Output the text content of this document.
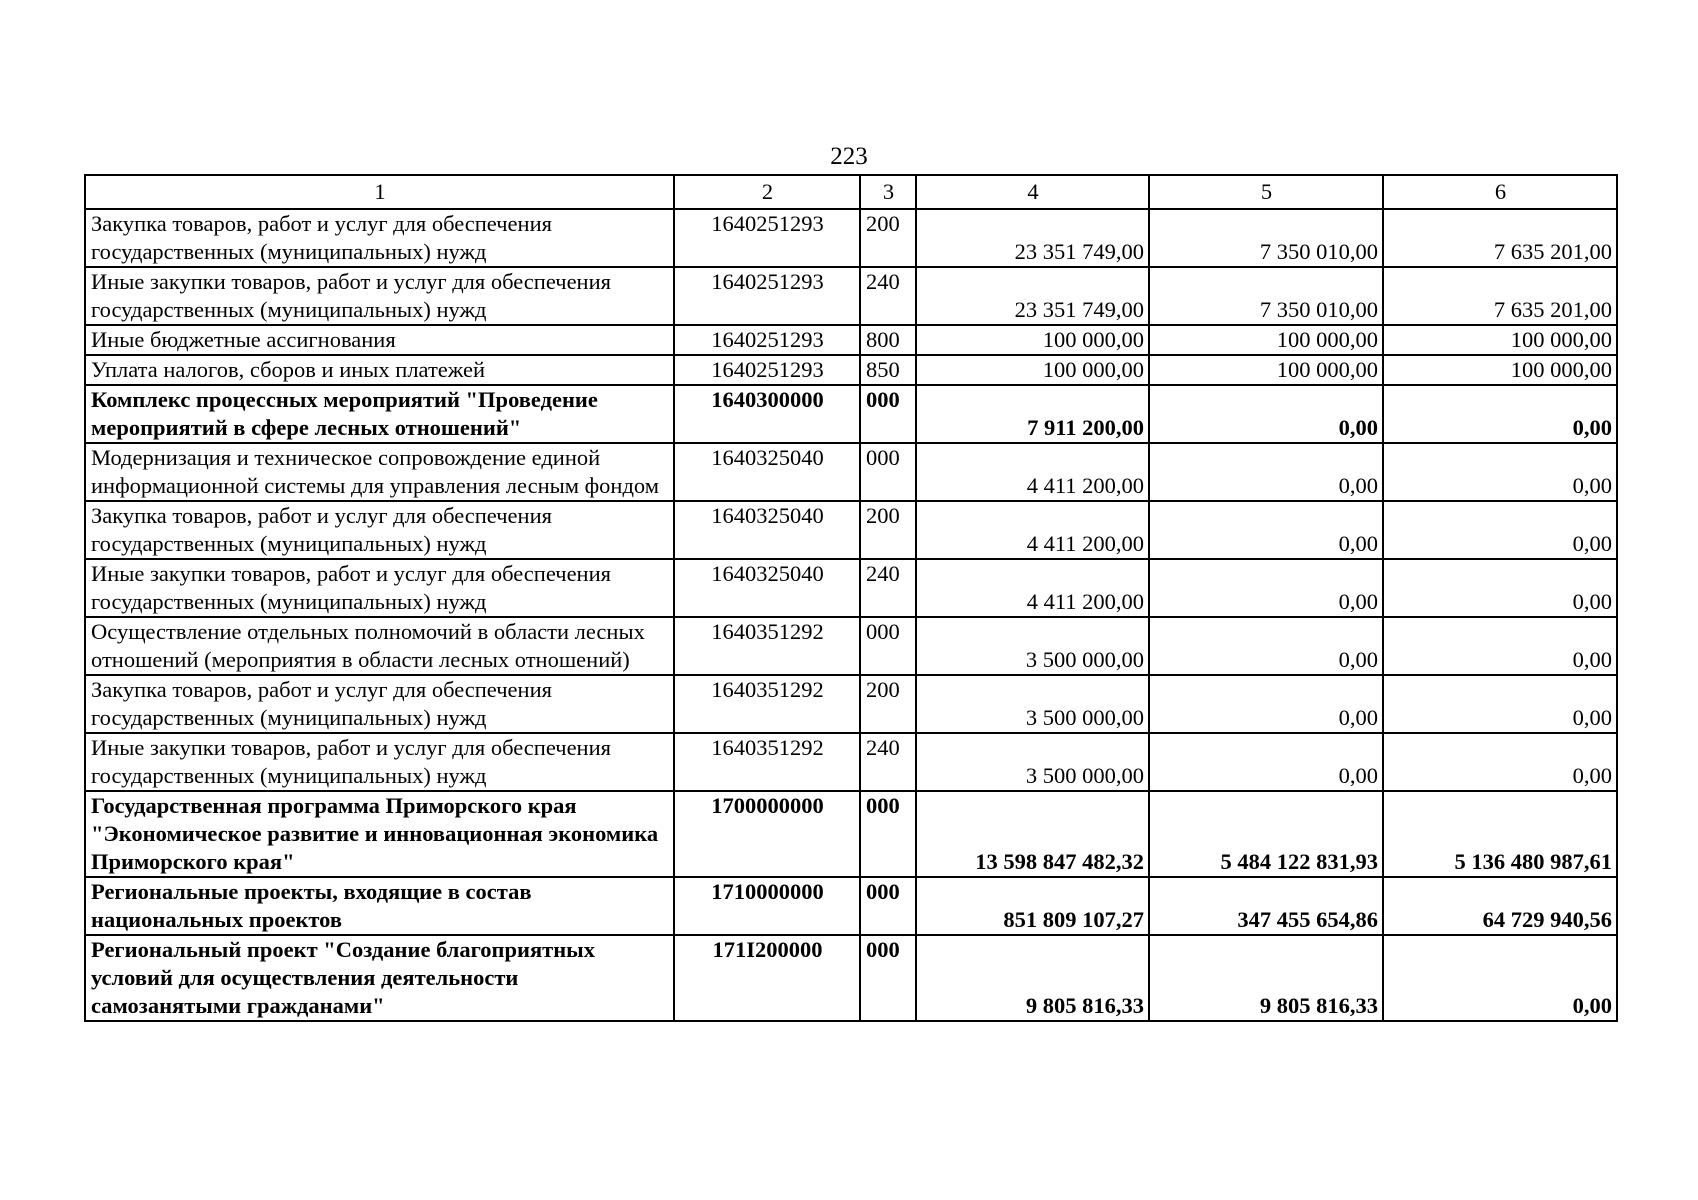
223
1	2	3	4	5	6
Закупка товаров, работ и услуг для обеспечения государственных (муниципальных) нужд	1640251293	200	23 351 749,00	7 350 010,00	7 635 201,00
Иные закупки товаров, работ и услуг для обеспечения государственных (муниципальных) нужд	1640251293	240	23 351 749,00	7 350 010,00	7 635 201,00
Иные бюджетные ассигнования	1640251293	800	100 000,00	100 000,00	100 000,00
Уплата налогов, сборов и иных платежей	1640251293	850	100 000,00	100 000,00	100 000,00
Комплекс процессных мероприятий "Проведение мероприятий в сфере лесных отношений"	1640300000	000	7 911 200,00	0,00	0,00
Модернизация и техническое сопровождение единой информационной системы для управления лесным фондом	1640325040	000	4 411 200,00	0,00	0,00
Закупка товаров, работ и услуг для обеспечения государственных (муниципальных) нужд	1640325040	200	4 411 200,00	0,00	0,00
Иные закупки товаров, работ и услуг для обеспечения государственных (муниципальных) нужд	1640325040	240	4 411 200,00	0,00	0,00
Осуществление отдельных полномочий в области лесных отношений (мероприятия в области лесных отношений)	1640351292	000	3 500 000,00	0,00	0,00
Закупка товаров, работ и услуг для обеспечения государственных (муниципальных) нужд	1640351292	200	3 500 000,00	0,00	0,00
Иные закупки товаров, работ и услуг для обеспечения государственных (муниципальных) нужд	1640351292	240	3 500 000,00	0,00	0,00
Государственная программа Приморского края "Экономическое развитие и инновационная экономика Приморского края"	1700000000	000	13 598 847 482,32	5 484 122 831,93	5 136 480 987,61
Региональные проекты, входящие в состав национальных проектов	1710000000	000	851 809 107,27	347 455 654,86	64 729 940,56
Региональный проект "Создание благоприятных условий для осуществления деятельности самозанятыми гражданами"	171I200000	000	9 805 816,33	9 805 816,33	0,00
